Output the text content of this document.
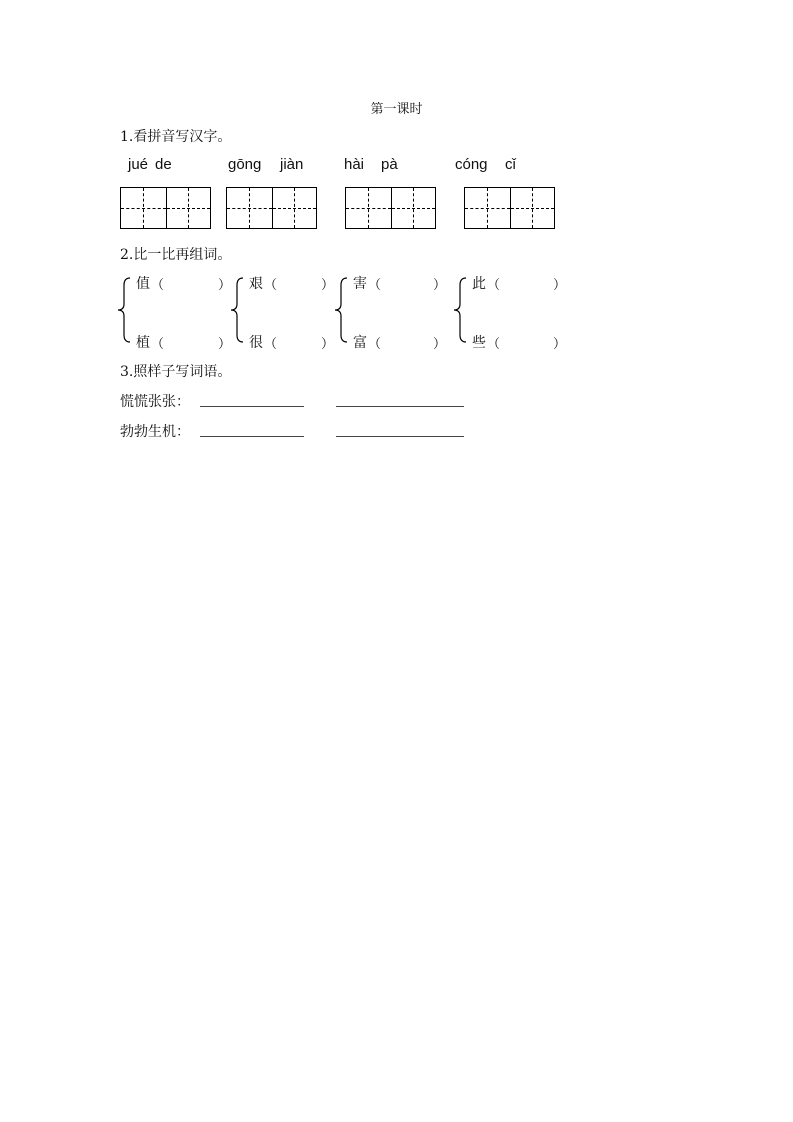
第一课时
1.看拼音写汉字。
jué de	gōng jiàn	hài pà	cóng cǐ
2.比一比再组词。
值 （	）
植 （	）
艰 （	）
很 （	）
害 （	）
富 （	）
此 （	）
些 （	）
3.照样子写词语。
慌慌张张：
勃勃生机：
